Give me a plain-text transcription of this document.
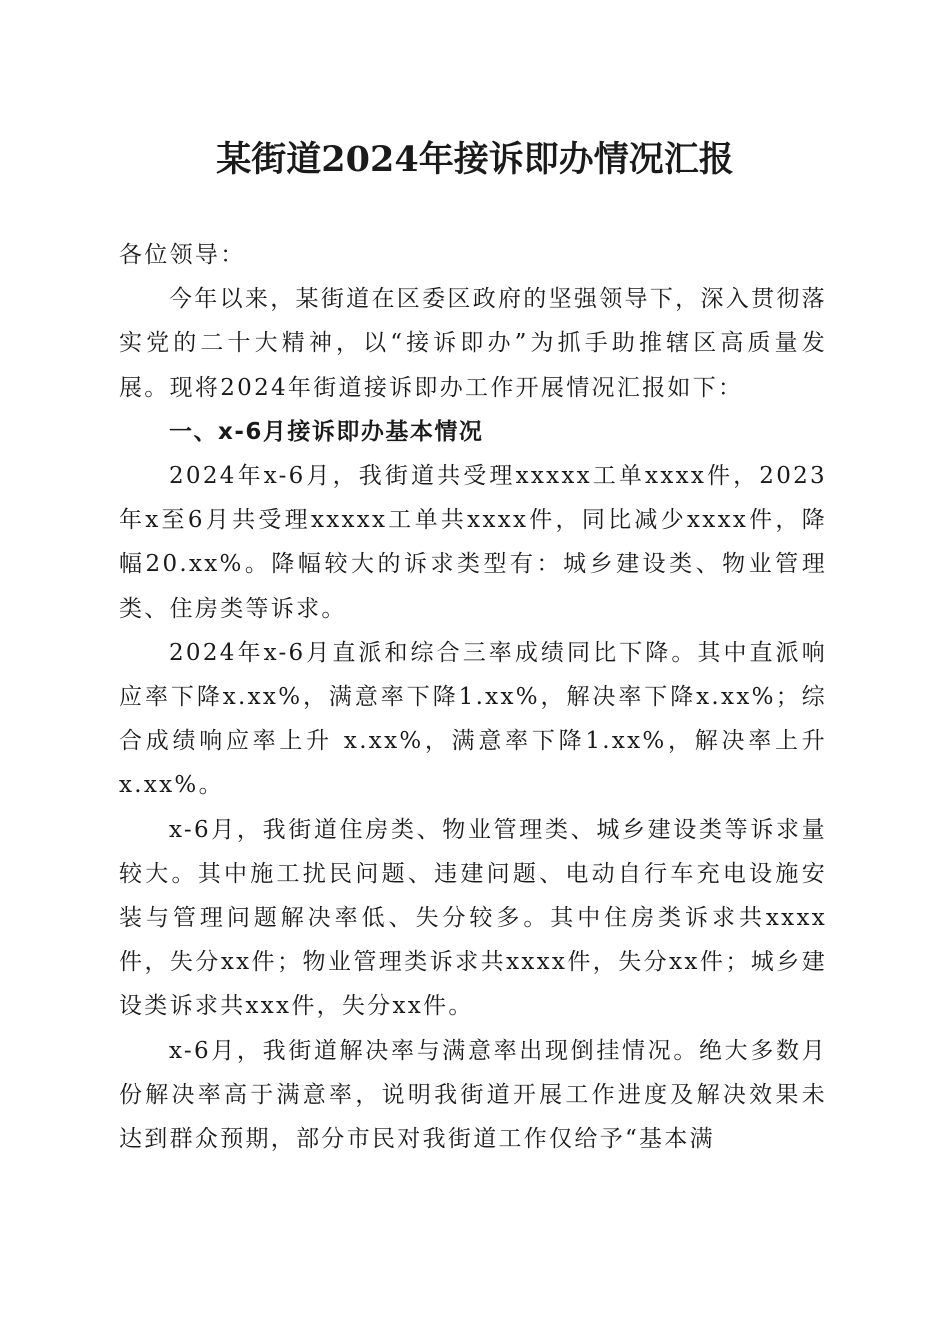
某街道2024年接诉即办情况汇报

各位领导：

今年以来，某街道在区委区政府的坚强领导下，深入贯彻落实党的二十大精神，以“接诉即办”为抓手助推辖区高质量发展。现将2024年街道接诉即办工作开展情况汇报如下：

一、x-6月接诉即办基本情况

2024年x-6月，我街道共受理xxxxx工单xxxx件，2023年x至6月共受理xxxxx工单共xxxx件，同比减少xxxx件，降幅20.xx%。降幅较大的诉求类型有：城乡建设类、物业管理类、住房类等诉求。

2024年x-6月直派和综合三率成绩同比下降。其中直派响应率下降x.xx%，满意率下降1.xx%，解决率下降x.xx%；综合成绩响应率上升 x.xx%，满意率下降1.xx%，解决率上升x.xx%。

x-6月，我街道住房类、物业管理类、城乡建设类等诉求量较大。其中施工扰民问题、违建问题、电动自行车充电设施安装与管理问题解决率低、失分较多。其中住房类诉求共xxxx件，失分xx件；物业管理类诉求共xxxx件，失分xx件；城乡建设类诉求共xxx件，失分xx件。

x-6月，我街道解决率与满意率出现倒挂情况。绝大多数月份解决率高于满意率，说明我街道开展工作进度及解决效果未达到群众预期，部分市民对我街道工作仅给予“基本满
